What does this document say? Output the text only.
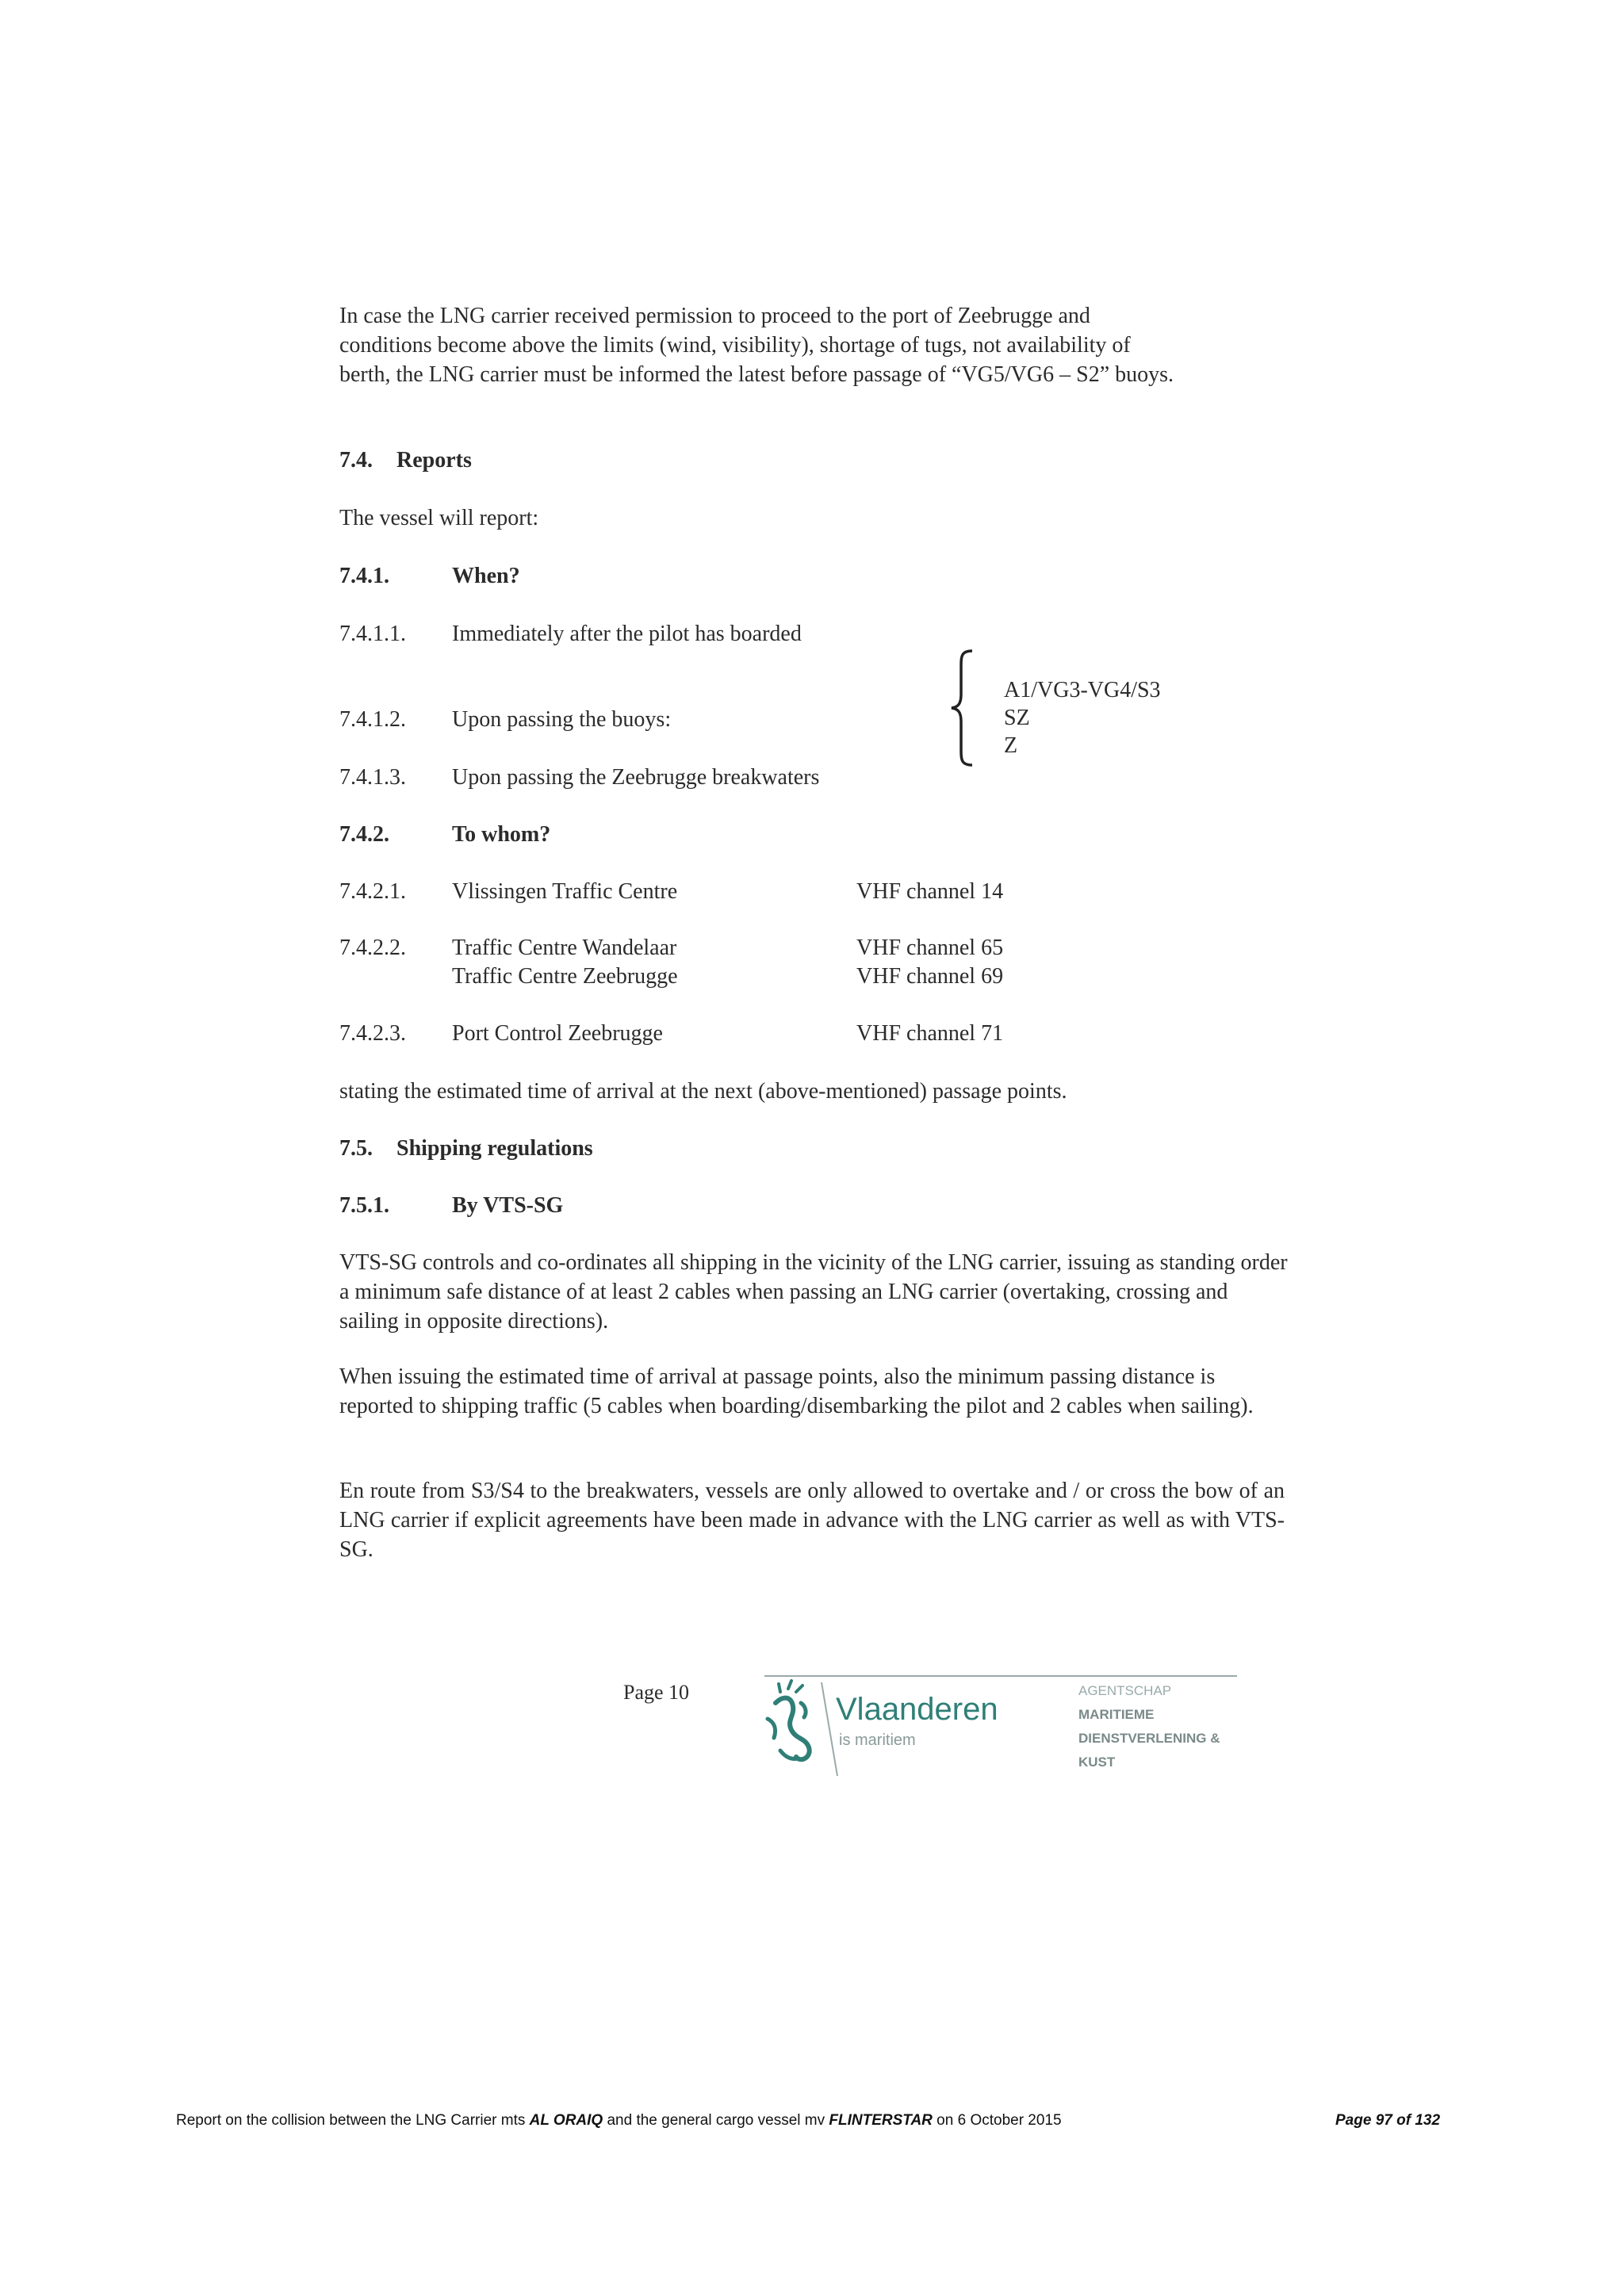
In case the LNG carrier received permission to proceed to the port of Zeebrugge and
conditions become above the limits (wind, visibility), shortage of tugs, not availability of
berth, the LNG carrier must be informed the latest before passage of “VG5/VG6 – S2” buoys.
7.4. Reports
The vessel will report:
7.4.1.	When?
7.4.1.1. Immediately after the pilot has boarded
7.4.1.2. Upon passing the buoys:
7.4.1.3. Upon passing the Zeebrugge breakwaters
A1/VG3-VG4/S3
SZ
Z
7.4.2.	To whom?
7.4.2.1. Vlissingen Traffic Centre	VHF channel 14
7.4.2.2. Traffic Centre Wandelaar	VHF channel 65
Traffic Centre Zeebrugge	VHF channel 69
7.4.2.3. Port Control Zeebrugge	VHF channel 71
stating the estimated time of arrival at the next (above-mentioned) passage points.
7.5. Shipping regulations
7.5.1.	By VTS-SG
VTS-SG controls and co-ordinates all shipping in the vicinity of the LNG carrier, issuing as standing order a minimum safe distance of at least 2 cables when passing an LNG carrier (overtaking, crossing and sailing in opposite directions).
When issuing the estimated time of arrival at passage points, also the minimum passing distance is reported to shipping traffic (5 cables when boarding/disembarking the pilot and 2 cables when sailing).
En route from S3/S4 to the breakwaters, vessels are only allowed to overtake and / or cross the bow of an LNG carrier if explicit agreements have been made in advance with the LNG carrier as well as with VTS-SG.
Page 10	Vlaanderen
is maritiem
AGENTSCHAP
MARITIEME
DIENSTVERLENING &
KUST
Report on the collision between the LNG Carrier mts AL ORAIQ and the general cargo vessel mv FLINTERSTAR on 6 October 2015	Page 97 of 132
